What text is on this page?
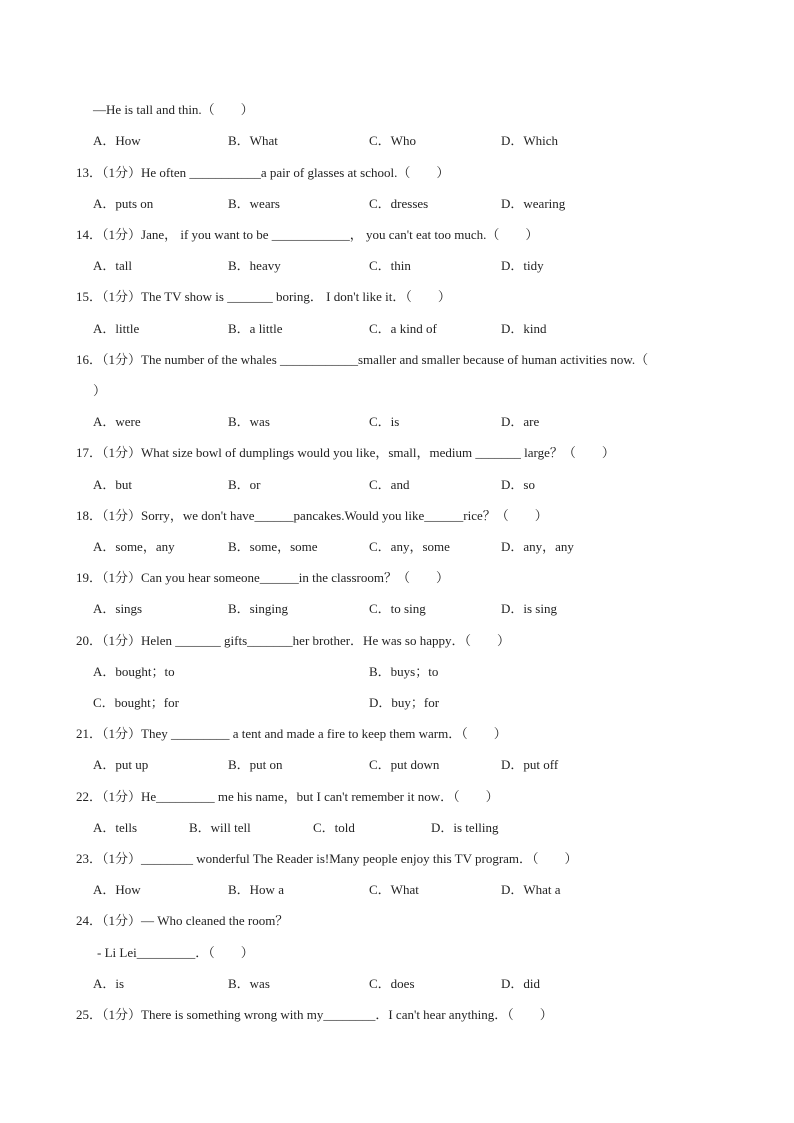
—He is tall and thin.（　　）
A．How	B．What	C．Who	D．Which
13．（1分）He often ___________a pair of glasses at school.（　　）
A．puts on	B．wears	C．dresses	D．wearing
14．（1分）Jane， if you want to be ____________， you can't eat too much.（　　）
A．tall	B．heavy	C．thin	D．tidy
15．（1分）The TV show is _______ boring． I don't like it．（　　）
A．little	B．a little	C．a kind of	D．kind
16．（1分）The number of the whales ____________smaller and smaller because of human activities now.（
）
A．were	B．was	C．is	D．are
17．（1分）What size bowl of dumplings would you like，small，medium _______ large？（　　）
A．but	B．or	C．and	D．so
18．（1分）Sorry，we don't have______pancakes.Would you like______rice？（　　）
A．some，any	B．some，some	C．any，some	D．any，any
19．（1分）Can you hear someone______in the classroom？（　　）
A．sings	B．singing	C．to sing	D．is sing
20．（1分）Helen _______ gifts_______her brother．He was so happy．（　　）
A．bought；to	B．buys；to
C．bought；for	D．buy；for
21．（1分）They _________ a tent and made a fire to keep them warm．（　　）
A．put up	B．put on	C．put down	D．put off
22．（1分）He_________ me his name，but I can't remember it now．（　　）
A．tells	B．will tell	C．told	D．is telling
23．（1分）________ wonderful The Reader is!Many people enjoy this TV program．（　　）
A．How	B．How a	C．What	D．What a
24．（1分）— Who cleaned the room？
- Li Lei_________．（　　）
A．is	B．was	C．does	D．did
25．（1分）There is something wrong with my________．I can't hear anything．（　　）
